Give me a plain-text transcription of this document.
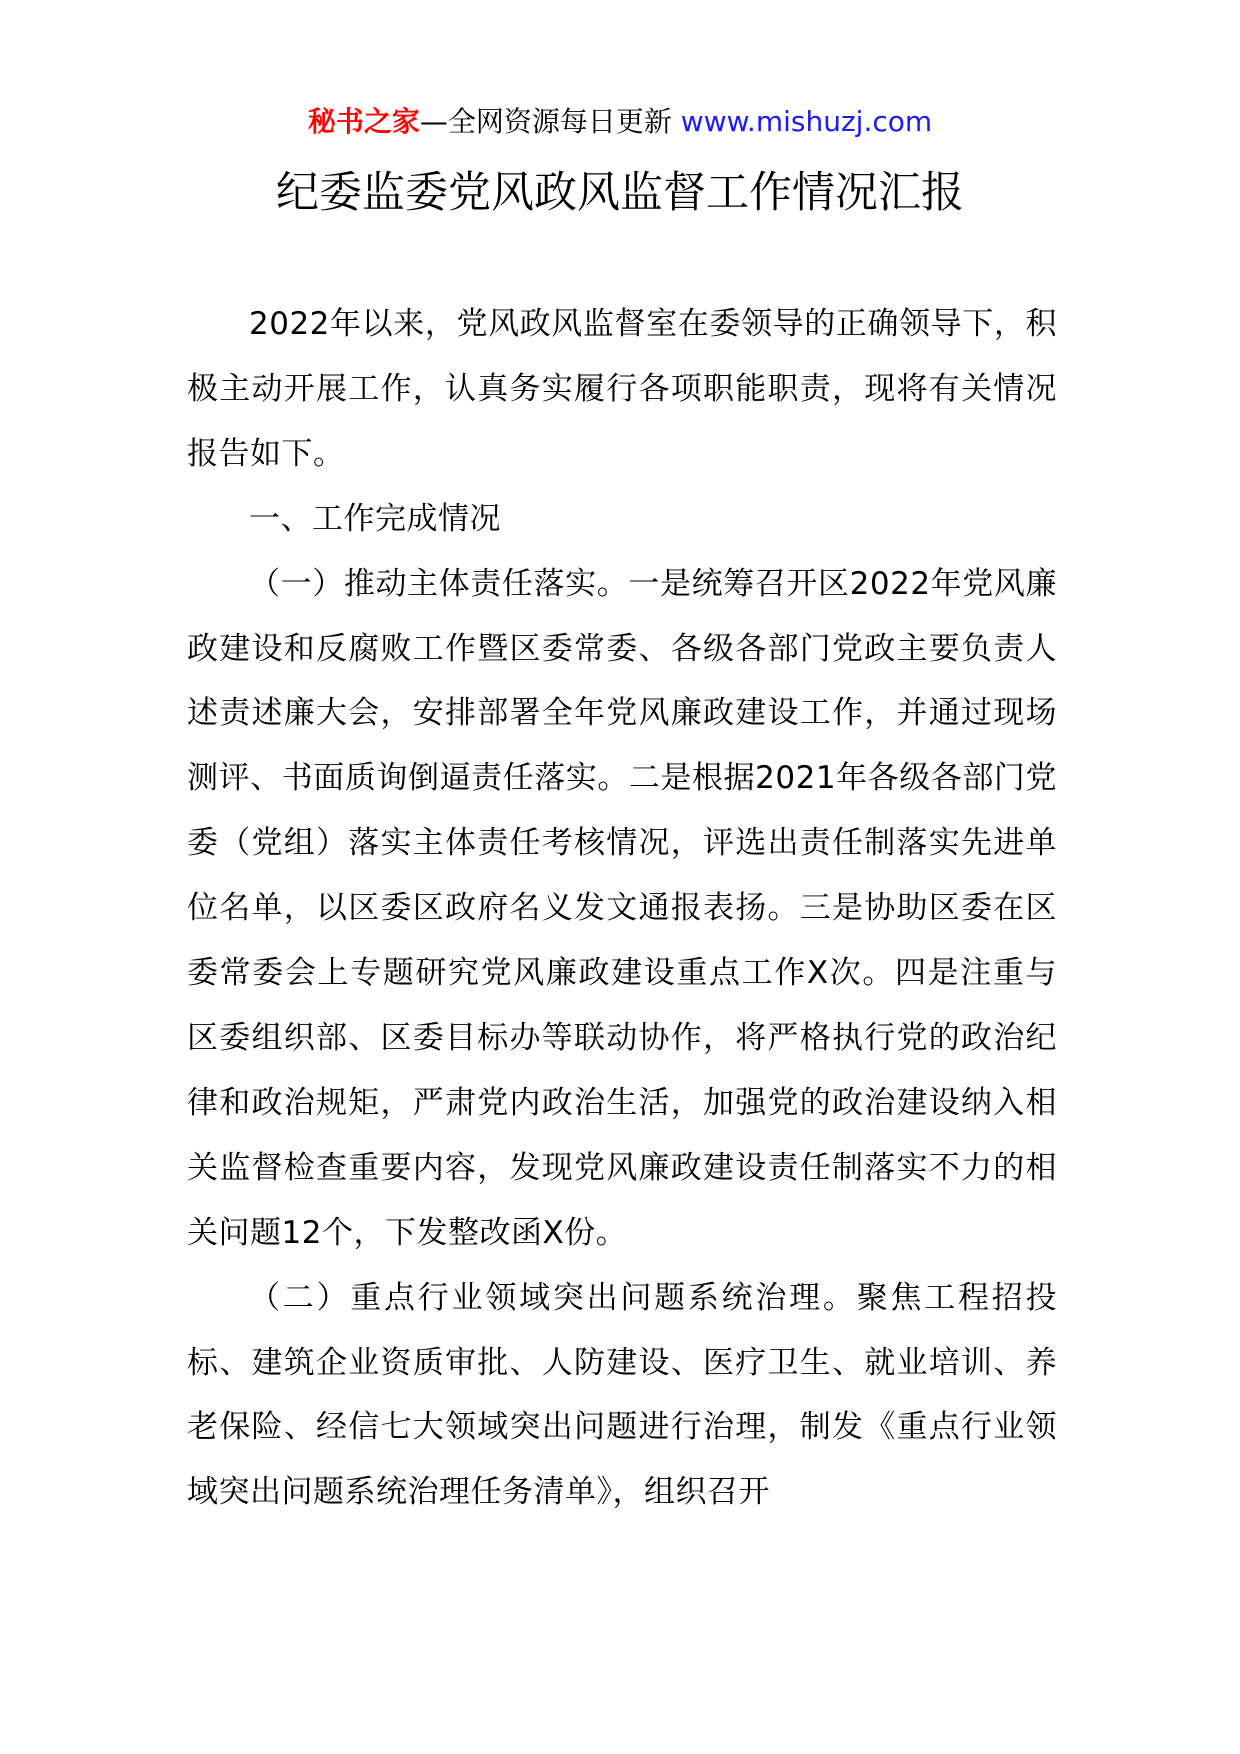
秘书之家—全网资源每日更新 www.mishuzj.com
纪委监委党风政风监督工作情况汇报

2022年以来，党风政风监督室在委领导的正确领导下，积极主动开展工作，认真务实履行各项职能职责，现将有关情况报告如下。

一、工作完成情况

（一）推动主体责任落实。一是统筹召开区2022年党风廉政建设和反腐败工作暨区委常委、各级各部门党政主要负责人述责述廉大会，安排部署全年党风廉政建设工作，并通过现场测评、书面质询倒逼责任落实。二是根据2021年各级各部门党委（党组）落实主体责任考核情况，评选出责任制落实先进单位名单，以区委区政府名义发文通报表扬。三是协助区委在区委常委会上专题研究党风廉政建设重点工作X次。四是注重与区委组织部、区委目标办等联动协作，将严格执行党的政治纪律和政治规矩，严肃党内政治生活，加强党的政治建设纳入相关监督检查重要内容，发现党风廉政建设责任制落实不力的相关问题12个，下发整改函X份。

（二）重点行业领域突出问题系统治理。聚焦工程招投标、建筑企业资质审批、人防建设、医疗卫生、就业培训、养老保险、经信七大领域突出问题进行治理，制发《重点行业领域突出问题系统治理任务清单》，组织召开
